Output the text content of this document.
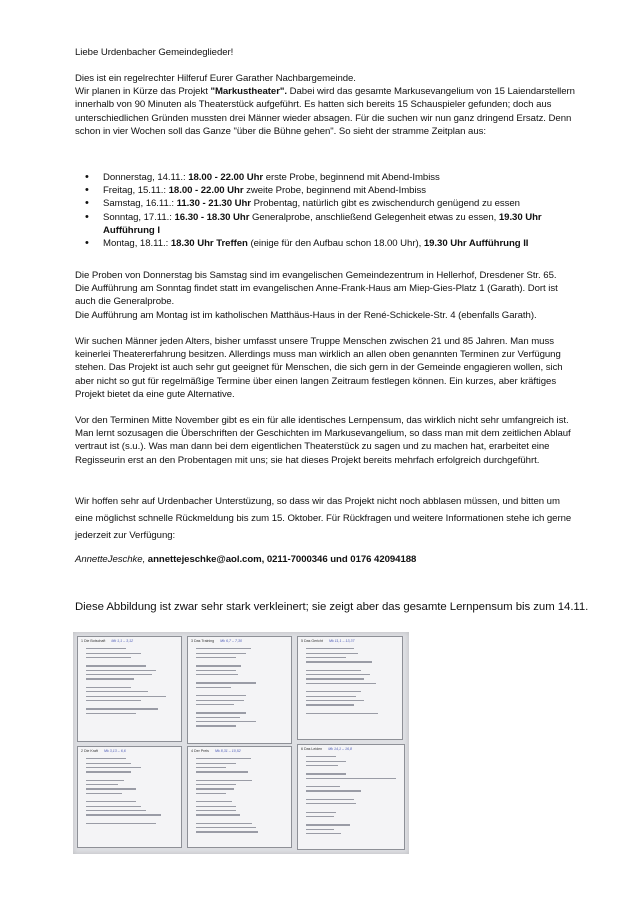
Liebe Urdenbacher Gemeindeglieder!

Dies ist ein regelrechter Hilferuf Eurer Garather Nachbargemeinde.
Wir planen in Kürze das Projekt "Markustheater". Dabei wird das gesamte Markusevangelium von 15 Laiendarstellern innerhalb von 90 Minuten als Theaterstück aufgeführt. Es hatten sich bereits 15 Schauspieler gefunden; doch aus unterschiedlichen Gründen mussten drei Männer wieder absagen. Für die suchen wir nun ganz dringend Ersatz. Denn schon in vier Wochen soll das Ganze "über die Bühne gehen". So sieht der stramme Zeitplan aus:

• Donnerstag, 14.11.: 18.00 - 22.00 Uhr erste Probe, beginnend mit Abend-Imbiss
• Freitag, 15.11.: 18.00 - 22.00 Uhr zweite Probe, beginnend mit Abend-Imbiss
• Samstag, 16.11.: 11.30 - 21.30 Uhr Probentag, natürlich gibt es zwischendurch genügend zu essen
• Sonntag, 17.11.: 16.30 - 18.30 Uhr Generalprobe, anschließend Gelegenheit etwas zu essen, 19.30 Uhr Aufführung I
• Montag, 18.11.: 18.30 Uhr Treffen (einige für den Aufbau schon 18.00 Uhr), 19.30 Uhr Aufführung II

Die Proben von Donnerstag bis Samstag sind im evangelischen Gemeindezentrum in Hellerhof, Dresdener Str. 65.
Die Aufführung am Sonntag findet statt im evangelischen Anne-Frank-Haus am Miep-Gies-Platz 1 (Garath). Dort ist auch die Generalprobe.
Die Aufführung am Montag ist im katholischen Matthäus-Haus in der René-Schickele-Str. 4 (ebenfalls Garath).

Wir suchen Männer jeden Alters, bisher umfasst unsere Truppe Menschen zwischen 21 und 85 Jahren. Man muss keinerlei Theatererfahrung besitzen. Allerdings muss man wirklich an allen oben genannten Terminen zur Verfügung stehen. Das Projekt ist auch sehr gut geeignet für Menschen, die sich gern in der Gemeinde engagieren wollen, sich aber nicht so gut für regelmäßige Termine über einen langen Zeitraum festlegen können. Ein kurzes, aber kräftiges Projekt bietet da eine gute Alternative.

Vor den Terminen Mitte November gibt es ein für alle identisches Lernpensum, das wirklich nicht sehr umfangreich ist. Man lernt sozusagen die Überschriften der Geschichten im Markusevangelium, so dass man mit dem zeitlichen Ablauf vertraut ist (s.u.). Was man dann bei dem eigentlichen Theaterstück zu sagen und zu machen hat, erarbeitet eine Regisseurin erst an den Probentagen mit uns; sie hat dieses Projekt bereits mehrfach erfolgreich durchgeführt.

Wir hoffen sehr auf Urdenbacher Unterstüzung, so dass wir das Projekt nicht noch abblasen müssen, und bitten um eine möglichst schnelle Rückmeldung bis zum 15. Oktober. Für Rückfragen und weitere Informationen stehe ich gerne jederzeit zur Verfügung:

AnnetteJeschke, annettejeschke@aol.com, 0211-7000346 und 0176 42094188
Diese Abbildung ist zwar sehr stark verkleinert; sie zeigt aber das gesamte Lernpensum bis zum 14.11.
1 Die Botschaft Mk 1,1 – 3,12	3 Das Training Mk 6,7 – 7,30	5 Das Gericht Mk 11,1 – 13,37
2 Die Kraft Mk 3,13 – 6,6	4 Der Preis Mk 8,31 – 10,52	6 Das Leiden Mk 14,1 – 16,8
